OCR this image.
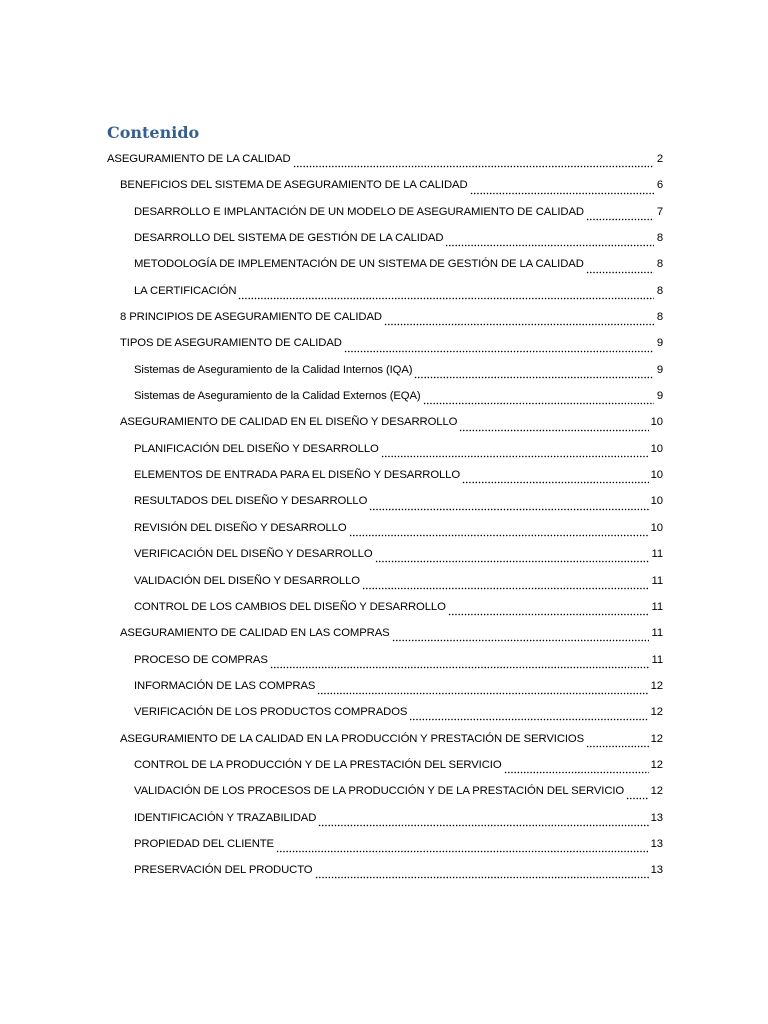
Contenido
ASEGURAMIENTO DE LA CALIDAD	2
BENEFICIOS DEL SISTEMA DE ASEGURAMIENTO DE LA CALIDAD	6
DESARROLLO E IMPLANTACIÓN DE UN MODELO DE ASEGURAMIENTO DE CALIDAD	7
DESARROLLO DEL SISTEMA DE GESTIÓN DE LA CALIDAD	8
METODOLOGÍA DE IMPLEMENTACIÓN DE UN SISTEMA DE GESTIÓN DE LA CALIDAD	8
LA CERTIFICACIÓN	8
8 PRINCIPIOS DE ASEGURAMIENTO DE CALIDAD	8
TIPOS DE ASEGURAMIENTO DE CALIDAD	9
Sistemas de Aseguramiento de la Calidad Internos (IQA)	9
Sistemas de Aseguramiento de la Calidad Externos (EQA)	9
ASEGURAMIENTO DE CALIDAD EN EL DISEÑO Y DESARROLLO	10
PLANIFICACIÓN DEL DISEÑO Y DESARROLLO	10
ELEMENTOS DE ENTRADA PARA EL DISEÑO Y DESARROLLO	10
RESULTADOS DEL DISEÑO Y DESARROLLO	10
REVISIÓN DEL DISEÑO Y DESARROLLO	10
VERIFICACIÓN DEL DISEÑO Y DESARROLLO	11
VALIDACIÓN DEL DISEÑO Y DESARROLLO	11
CONTROL DE LOS CAMBIOS DEL DISEÑO Y DESARROLLO	11
ASEGURAMIENTO DE CALIDAD EN LAS COMPRAS	11
PROCESO DE COMPRAS	11
INFORMACIÓN DE LAS COMPRAS	12
VERIFICACIÓN DE LOS PRODUCTOS COMPRADOS	12
ASEGURAMIENTO DE LA CALIDAD EN LA PRODUCCIÓN Y PRESTACIÓN DE SERVICIOS	12
CONTROL DE LA PRODUCCIÓN Y DE LA PRESTACIÓN DEL SERVICIO	12
VALIDACIÓN DE LOS PROCESOS DE LA PRODUCCIÓN Y DE LA PRESTACIÓN DEL SERVICIO 12
IDENTIFICACIÓN Y TRAZABILIDAD	13
PROPIEDAD DEL CLIENTE	13
PRESERVACIÓN DEL PRODUCTO	13
